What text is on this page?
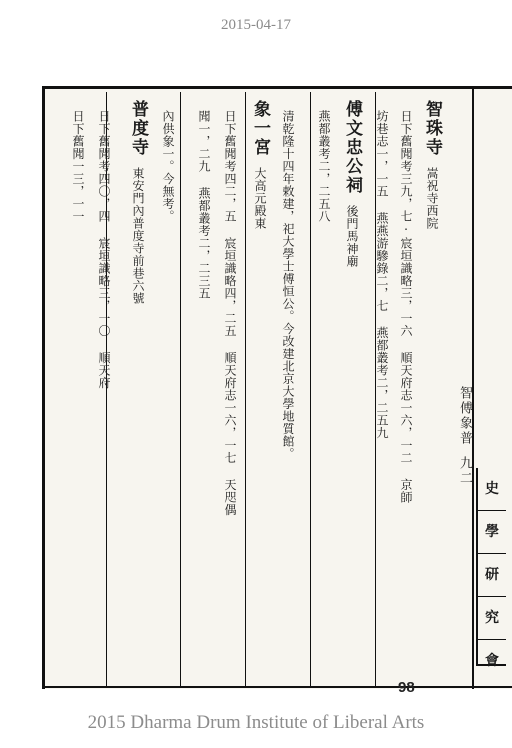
2015-04-17
智珠寺嵩祝寺西院
日下舊聞考三九，七·宸垣識略三，一六 順天府志一六，一二 京師
坊巷志一，一五 燕燕游驂錄二，七 燕都叢考二，二五九
傅文忠公祠後門馬神廟
燕都叢考二，二五八
清乾隆十四年敕建，祀大學士傅恒公。今改建北京大學地質館。
象一宮大高元殿東
日下舊聞考四二，五 宸垣識略四，二五 順天府志一六，一七 天咫偶
聞一，二九 燕都叢考二，二三五
內供象一。今無考。
普度寺東安門內普度寺前巷六號
日下舊聞考四〇，四 宸垣識略三，一〇 順天府
日下舊聞一三，一一
智傅象普九二
史
學
研
究
會
98
2015 Dharma Drum Institute of Liberal Arts
